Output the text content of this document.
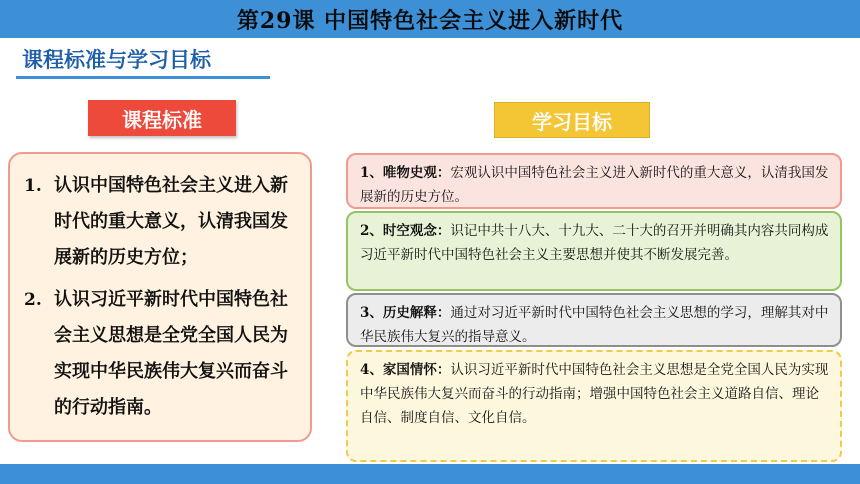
第29课 中国特色社会主义进入新时代
课程标准与学习目标
课程标准	学习目标
1. 认识中国特色社会主义进入新时代的重大意义，认清我国发展新的历史方位；
2. 认识习近平新时代中国特色社会主义思想是全党全国人民为实现中华民族伟大复兴而奋斗的行动指南。

1、唯物史观：宏观认识中国特色社会主义进入新时代的重大意义，认清我国发展新的历史方位。

2、时空观念：识记中共十八大、十九大、二十大的召开并明确其内容共同构成习近平新时代中国特色社会主义主要思想并使其不断发展完善。

3、历史解释：通过对习近平新时代中国特色社会主义思想的学习，理解其对中华民族伟大复兴的指导意义。

4、家国情怀：认识习近平新时代中国特色社会主义思想是全党全国人民为实现中华民族伟大复兴而奋斗的行动指南；增强中国特色社会主义道路自信、理论自信、制度自信、文化自信。
